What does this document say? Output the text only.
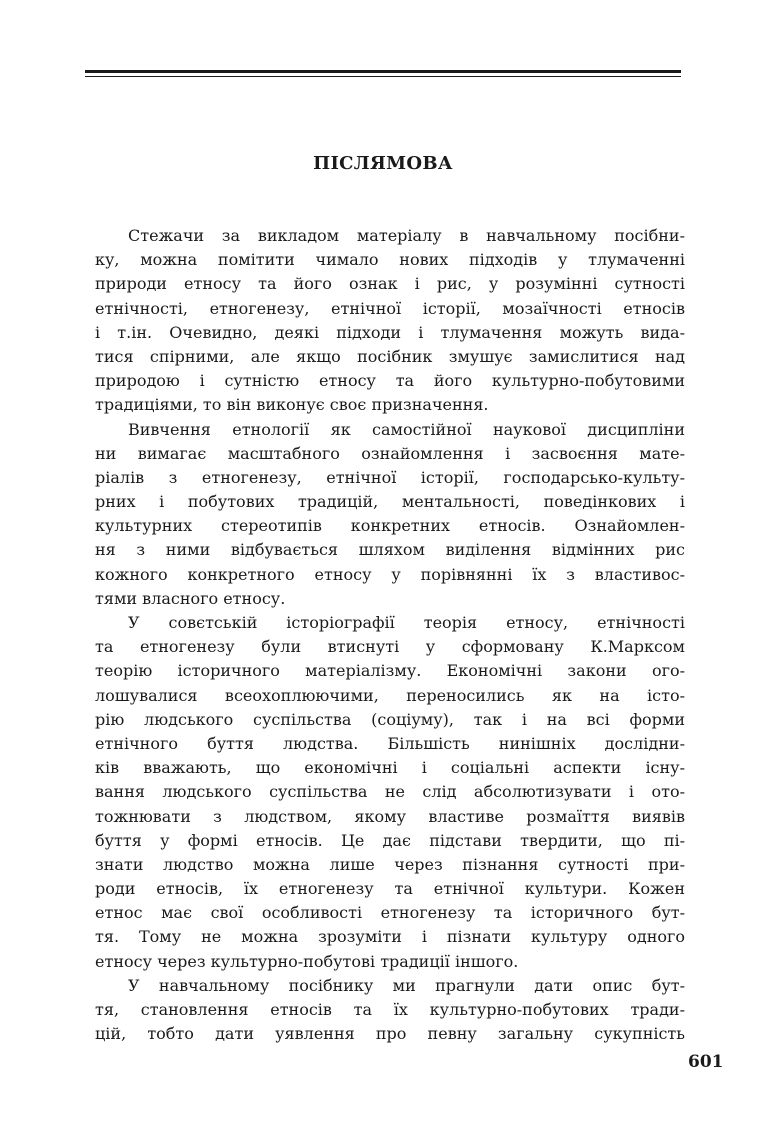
ПІСЛЯМОВА
Стежачи за викладом матеріалу в навчальному посібни-
ку, можна помітити чимало нових підходів у тлумаченні
природи етносу та його ознак і рис, у розумінні сутності
етнічності, етногенезу, етнічної історії, мозаїчності етносів
і т.ін. Очевидно, деякі підходи і тлумачення можуть вида-
тися спірними, але якщо посібник змушує замислитися над
природою і сутністю етносу та його культурно-побутовими
традиціями, то він виконує своє призначення.
Вивчення етнології як самостійної наукової дисципліни
ни вимагає масштабного ознайомлення і засвоєння мате-
ріалів з етногенезу, етнічної історії, господарсько-культу-
рних і побутових традицій, ментальності, поведінкових і
культурних стереотипів конкретних етносів. Ознайомлен-
ня з ними відбувається шляхом виділення відмінних рис
кожного конкретного етносу у порівнянні їх з властивос-
тями власного етносу.
У совєтській історіографії теорія етносу, етнічності
та етногенезу були втиснуті у сформовану К.Марксом
теорію історичного матеріалізму. Економічні закони ого-
лошувалися всеохоплюючими, переносились як на істо-
рію людського суспільства (соціуму), так і на всі форми
етнічного буття людства. Більшість нинішніх дослідни-
ків вважають, що економічні і соціальні аспекти існу-
вання людського суспільства не слід абсолютизувати і ото-
тожнювати з людством, якому властиве розмаїття виявів
буття у формі етносів. Це дає підстави твердити, що пі-
знати людство можна лише через пізнання сутності при-
роди етносів, їх етногенезу та етнічної культури. Кожен
етнос має свої особливості етногенезу та історичного бут-
тя. Тому не можна зрозуміти і пізнати культуру одного
етносу через культурно-побутові традиції іншого.
У навчальному посібнику ми прагнули дати опис бут-
тя, становлення етносів та їх культурно-побутових тради-
цій, тобто дати уявлення про певну загальну сукупність
601
